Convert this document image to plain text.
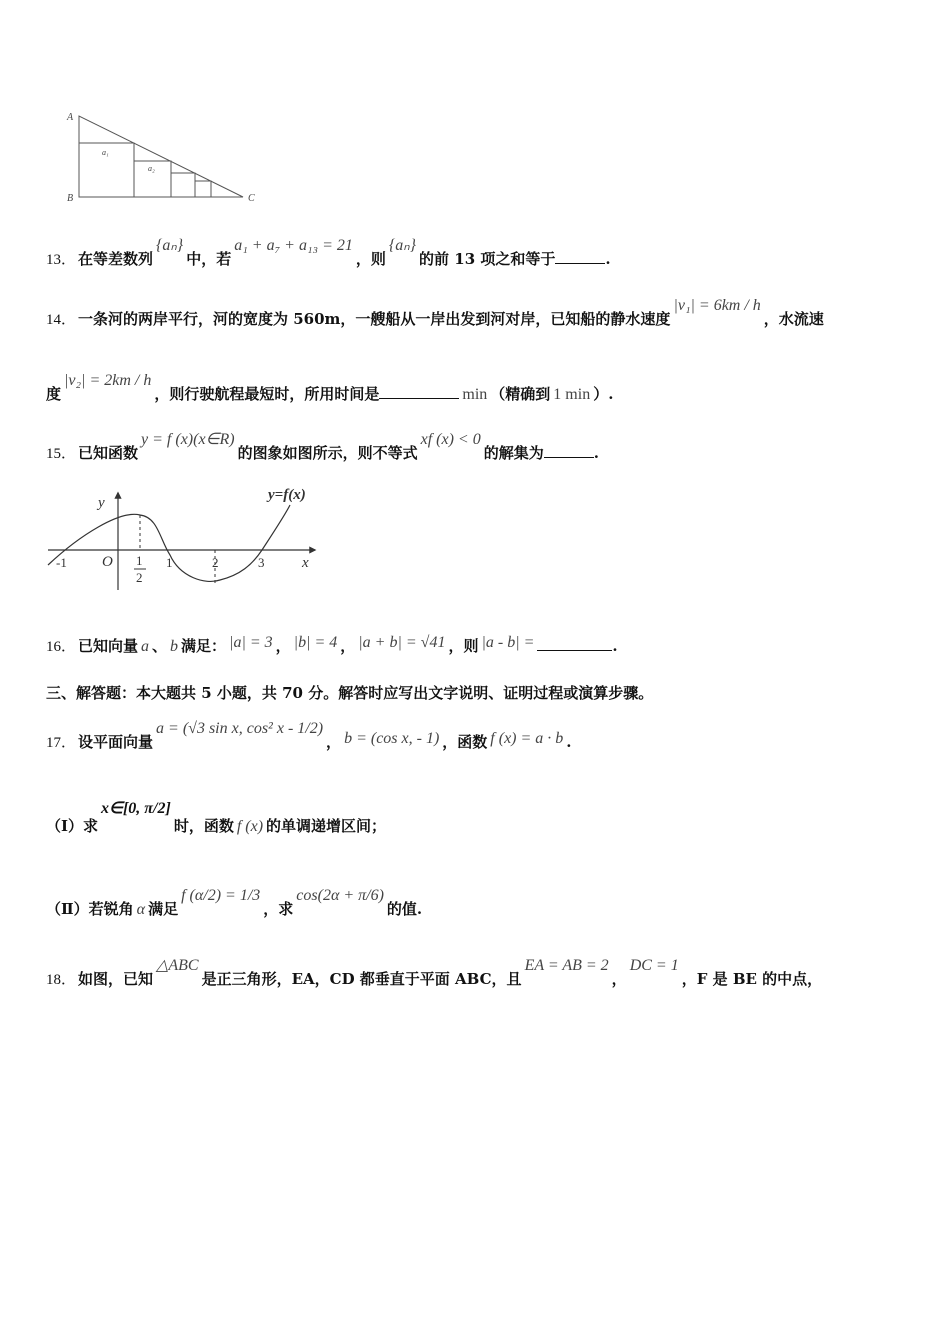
A
B	C
a₁
a₂
13． 在等差数列
{aₙ}
中，若
a₁ + a₇ + a₁₃ = 21
，则
{aₙ}
的前 13 项之和等于	.
14． 一条河的两岸平行，河的宽度为 560m，一艘船从一岸出发到河对岸，已知船的静水速度
|v₁| = 6km / h
，水流速
度
|v₂| = 2km / h
，则行驶航程最短时，所用时间是	min （精确到 1 min ）.
15． 已知函数
y = f (x)(x∈R)
的图象如图所示，则不等式
xf (x) < 0
的解集为	.
y	y=f(x)
O	x
-1	1
2
1	2	3
16． 已知向量 a 、 b 满足： |a| = 3 ， |b| = 4 ， |a + b| = √41 ，则 |a - b| =	.
三、解答题：本大题共 5 小题，共 70 分。解答时应写出文字说明、证明过程或演算步骤。
17． 设平面向量
a = (√3 sin x, cos² x - 1/2)
， b = (cos x, - 1) ，函数 f (x) = a · b .
（Ⅰ）求
x∈[0, π/2]
时，函数 f (x) 的单调递增区间；
（Ⅱ）若锐角 α 满足
f (α/2) = 1/3
，求
cos(2α + π/6)
的值.
18． 如图，已知
△ABC
是正三角形，EA，CD 都垂直于平面 ABC，且
EA = AB = 2
，
DC = 1
，F 是 BE 的中点，
